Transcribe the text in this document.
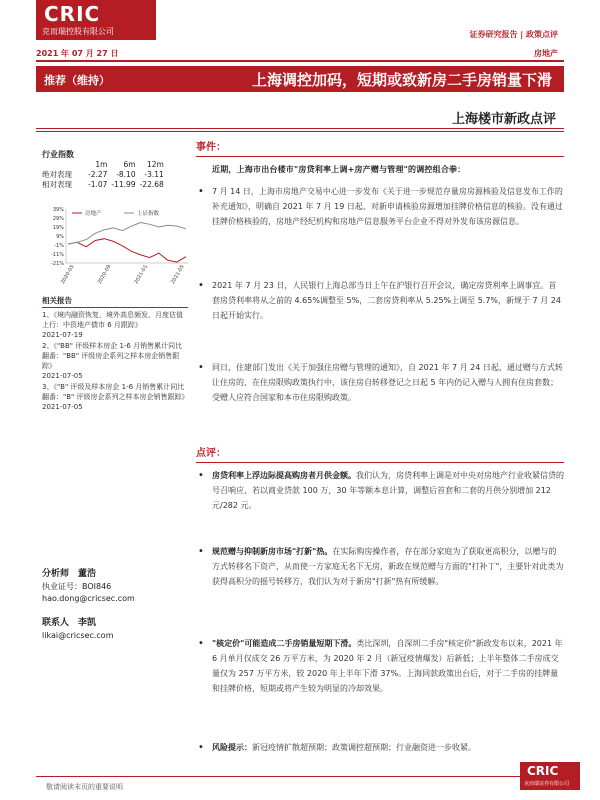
CRIC
克而瑞控股有限公司	证券研究报告 | 政策点评
2021 年 07 月 27 日	房地产
推荐（维持）	上海调控加码，短期或致新房二手房销量下滑
上海楼市新政点评
行业指数
	1m	6m	12m
绝对表现	-2.27	-8.10	-3.11
相对表现	-1.07	-11.99	-22.68
39%
29%
19%
9%
-1%
-11%
-21%
2020-05	2020-09	2021-01	2021-05
房地产	上证指数
相关报告
1、《境内融资恢复，境外高息频发，月度估值上行：中资地产债市 6 月跟踪》
2021-07-19
2、《"BB" 评级样本房企 1-6 月销售累计同比翻番："BB" 评级房企系列之样本房企销售跟踪》
2021-07-05
3、《"B" 评级及样本房企 1-6 月销售累计同比翻番："B" 评级房企系列之样本房企销售跟踪》
2021-07-05
分析师　董浩
执业证号：BOI846
hao.dong@cricsec.com
联系人　李凯
likai@cricsec.com
事件：
近期，上海市出台楼市"房贷利率上调+房产赠与管理"的调控组合拳：
• 7 月 14 日，上海市房地产交易中心进一步发布《关于进一步规范存量房房源核验及信息发布工作的补充通知》，明确自 2021 年 7 月 19 日起，对新申请核验房源增加挂牌价格信息的核验。没有通过挂牌价格核验的，房地产经纪机构和房地产信息服务平台企业不得对外发布该房源信息。
• 2021 年 7 月 23 日，人民银行上海总部当日上午在沪银行召开会议，确定房贷利率上调事宜。首套房贷利率将从之前的 4.65%调整至 5%，二套房贷利率从 5.25%上调至 5.7%，新规于 7 月 24 日起开始实行。
• 同日，住建部门发出《关于加强住房赠与管理的通知》，自 2021 年 7 月 24 日起，通过赠与方式转让住房的，在住房限购政策执行中，该住房自转移登记之日起 5 年内仍记入赠与人拥有住房套数；受赠人应符合国家和本市住房限购政策。
点评：
• 房贷利率上浮边际提高购房者月供金额。我们认为，房贷利率上调是对中央对房地产行业收紧信贷的号召响应，若以商业贷款 100 万，30 年等额本息计算，调整后首套和二套的月供分别增加 212 元/282 元。
• 规范赠与抑制新房市场"打新"热。在实际购房操作者，存在部分家庭为了获取更高积分，以赠与的方式转移名下资产，从而使一方家庭无名下无房，新政在规范赠与方面的"打补丁"，主要针对此类为获得高积分的摇号转移方，我们认为对于新房"打新"热有所缓解。
• "核定价"可能造成二手房销量短期下滑。类比深圳，自深圳二手房"核定价"新政发布以来，2021 年 6 月单月仅成交 26 万平方米，为 2020 年 2 月（新冠疫情爆发）后新低；上半年整体二手房成交量仅为 257 万平方米，较 2020 年上半年下滑 37%。上海同款政策出台后，对于二手房的挂牌量和挂牌价格，短期或将产生较为明显的冷却效果。
• 风险提示：新冠疫情扩散超预期；政策调控超预期；行业融资进一步收紧。
敬请阅读末页的重要说明
CRIC
克而瑞证券有限公司
